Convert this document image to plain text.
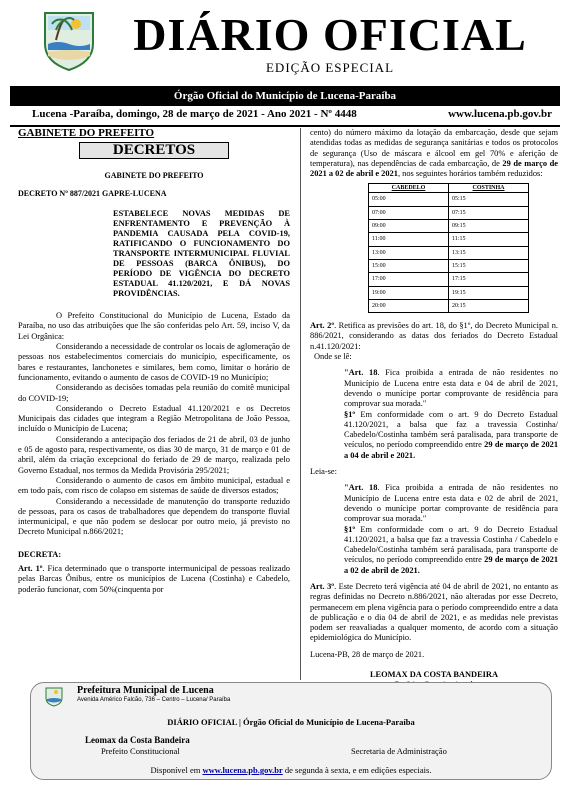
DIÁRIO OFICIAL
EDIÇÃO ESPECIAL
Órgão Oficial do Município de Lucena-Paraíba
Lucena -Paraíba, domingo, 28 de março de 2021 - Ano 2021 - Nº 4448	www.lucena.pb.gov.br
GABINETE DO PREFEITO
DECRETOS
GABINETE DO PREFEITO
DECRETO Nº 887/2021 GAPRE-LUCENA
ESTABELECE NOVAS MEDIDAS DE ENFRENTAMENTO E PREVENÇÃO À PANDEMIA CAUSADA PELA COVID-19, RATIFICANDO O FUNCIONAMENTO DO TRANSPORTE INTERMUNICIPAL FLUVIAL DE PESSOAS (BARCA ÔNIBUS), DO PERÍODO DE VIGÊNCIA DO DECRETO ESTADUAL 41.120/2021, E DÁ NOVAS PROVIDÊNCIAS.

O Prefeito Constitucional do Município de Lucena, Estado da Paraíba, no uso das atribuições que lhe são conferidas pelo Art. 59, inciso V, da Lei Orgânica:

Considerando a necessidade de controlar os locais de aglomeração de pessoas nos estabelecimentos comerciais do município, especificamente, os bares e restaurantes, lanchonetes e similares, bem como, limitar o horário de funcionamento, evitando o aumento de casos de COVID-19 no Município;

Considerando as decisões tomadas pela reunião do comitê municipal do COVID-19;

Considerando o Decreto Estadual 41.120/2021 e os Decretos Municipais das cidades que integram a Região Metropolitana de João Pessoa, incluído o Município de Lucena;

Considerando a antecipação dos feriados de 21 de abril, 03 de junho e 05 de agosto para, respectivamente, os dias 30 de março, 31 de março e 01 de abril, além da criação excepcional do feriado de 29 de março, realizada pelo Governo Estadual, nos termos da Medida Provisória 295/2021;

Considerando o aumento de casos em âmbito municipal, estadual e em todo país, com risco de colapso em sistemas de saúde de diversos estados;

Considerando a necessidade de manutenção do transporte reduzido de pessoas, para os casos de trabalhadores que dependem do transporte fluvial intermunicipal, e que não podem se deslocar por outro meio, já previsto no Decreto Municipal n.866/2021;

DECRETA:

Art. 1º. Fica determinado que o transporte intermunicipal de pessoas realizado pelas Barcas Ônibus, entre os municípios de Lucena (Costinha) e Cabedelo, poderão funcionar, com 50%(cinquenta por

cento) do número máximo da lotação da embarcação, desde que sejam atendidas todas as medidas de segurança sanitárias e todos os protocolos de segurança (Uso de máscara e álcool em gel 70% e aferição de temperatura), nas dependências de cada embarcação, de 29 de março de 2021 a 02 de abril e 2021, nos seguintes horários também reduzidos:

CABEDELO	COSTINHA
05:00	05:15
07:00	07:15
09:00	09:15
11:00	11:15
13:00	13:15
15:00	15:15
17:00	17:15
19:00	19:15
20:00	20:15

Art. 2º. Retifica as previsões do art. 18, do §1º, do Decreto Municipal n. 886/2021, considerando as datas dos feriados do Decreto Estadual n.41.120/2021:

Onde se lê:

"Art. 18. Fica proibida a entrada de não residentes no Município de Lucena entre esta data e 04 de abril de 2021, devendo o munícipe portar comprovante de residência para comprovar sua morada."

§1º Em conformidade com o art. 9 do Decreto Estadual 41.120/2021, a balsa que faz a travessia Costinha/ Cabedelo/Costinha também será paralisada, para transporte de veículos, no período compreendido entre 29 de março de 2021 a 04 de abril e 2021.

Leia-se:

"Art. 18. Fica proibida a entrada de não residentes no Município de Lucena entre esta data e 02 de abril de 2021, devendo o munícipe portar comprovante de residência para comprovar sua morada."

§1º Em conformidade com o art. 9 do Decreto Estadual 41.120/2021, a balsa que faz a travessia Costinha / Cabedelo e Cabedelo/Costinha também será paralisada, para transporte de veículos, no período compreendido entre 29 de março de 2021 a 02 de abril de 2021.

Art. 3º. Este Decreto terá vigência até 04 de abril de 2021, no entanto as regras definidas no Decreto n.886/2021, não alteradas por esse Decreto, permanecem em plena vigência para o período compreendido entre a data de publicação e o dia 04 de abril de 2021, e as medidas nele previstas podem ser reavaliadas a qualquer momento, de acordo com a situação epidemiológica do Município.

Lucena-PB, 28 de março de 2021.

LEOMAX DA COSTA BANDEIRA
Prefeitura Municipal de Lucena
Avenida Américo Falcão, 736 – Centro – Lucena/ Paraíba
DIÁRIO OFICIAL | Órgão Oficial do Município de Lucena-Paraíba
Leomax da Costa Bandeira
Prefeito Constitucional	Secretaria de Administração
Disponível em www.lucena.pb.gov.br de segunda à sexta, e em edições especiais.
